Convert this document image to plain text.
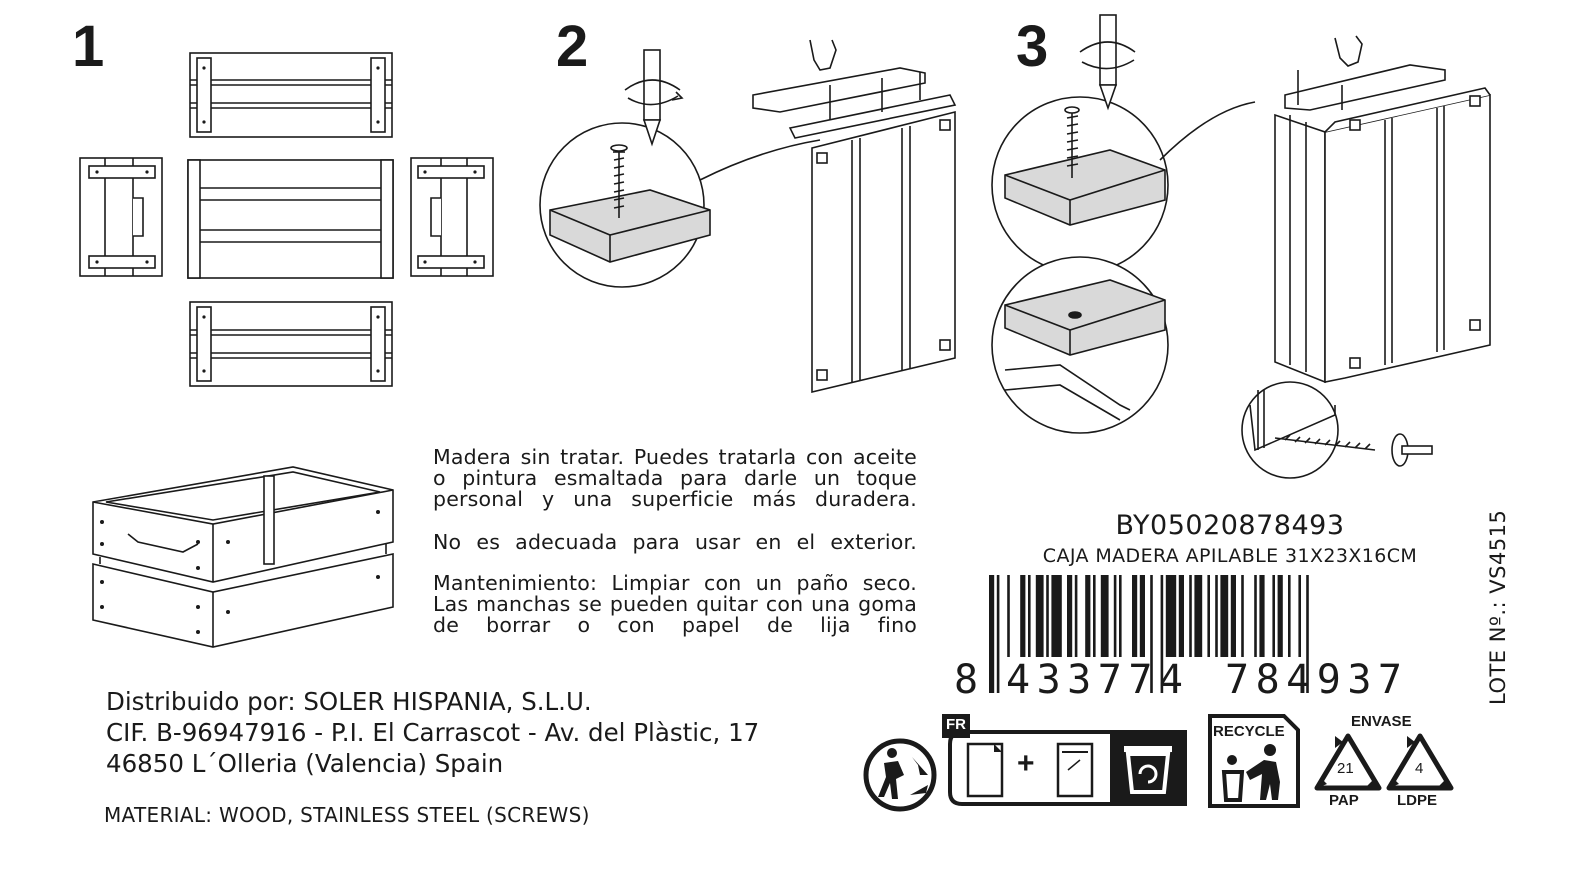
1	2	3

Madera sin tratar. Puedes tratarla con aceite o pintura esmaltada para darle un toque personal y una superficie más duradera.

No es adecuada para usar en el exterior.

Mantenimiento: Limpiar con un paño seco. Las manchas se pueden quitar con una goma de borrar o con papel de lija fino

Distribuido por: SOLER HISPANIA, S.L.U.
CIF. B-96947916 - P.I. El Carrascot - Av. del Plàstic, 17
46850 L´Olleria (Valencia) Spain
MATERIAL: WOOD, STAINLESS STEEL (SCREWS)
BY05020878493
CAJA MADERA APILABLE 31X23X16CM
8 433774 784937	LOTE Nº.: VS4515
FR
+
RECYCLE
ENVASE
21
PAP
4
LDPE
